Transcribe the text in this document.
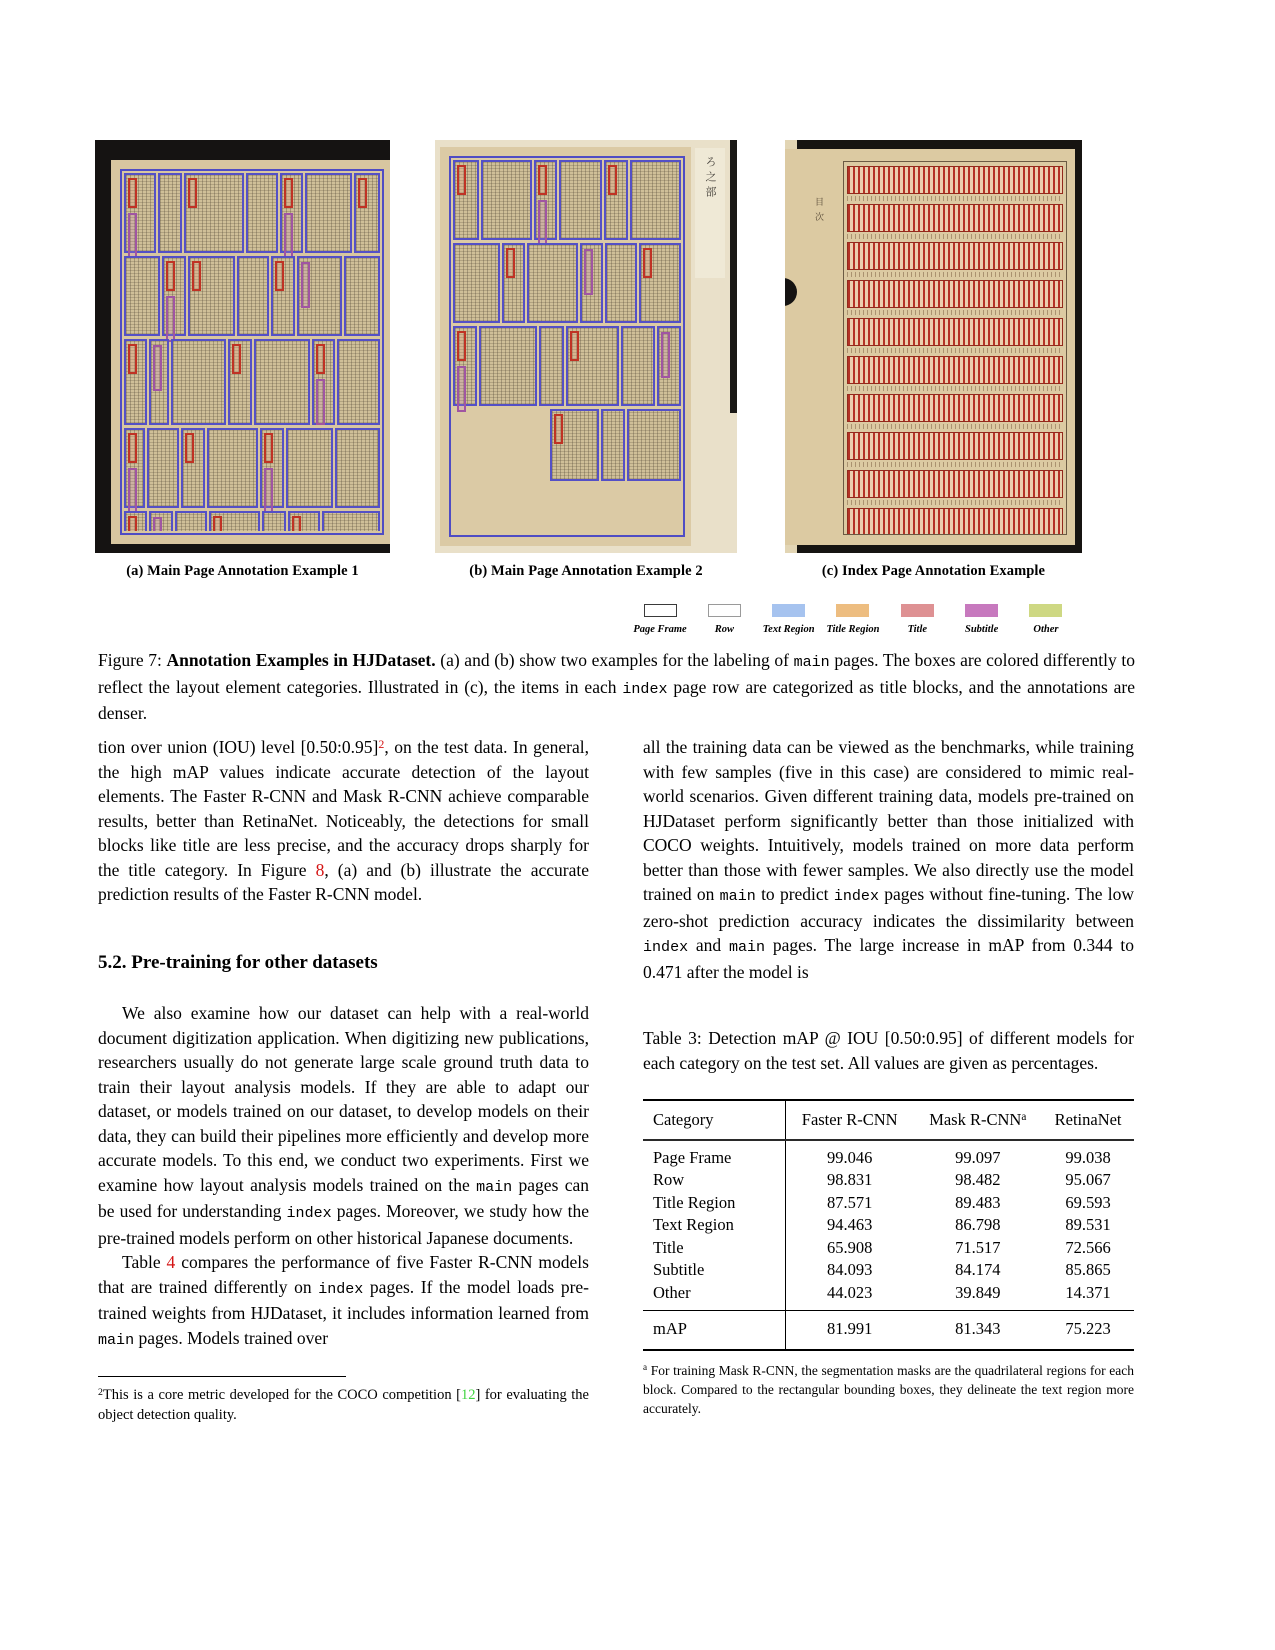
(a) Main Page Annotation Example 1
ろ之部
(b) Main Page Annotation Example 2
目次
(c) Index Page Annotation Example
Page Frame	Row	Text Region Title Region	Title	Subtitle	Other
Figure 7: Annotation Examples in HJDataset. (a) and (b) show two examples for the labeling of main pages. The boxes are colored differently to reflect the layout element categories. Illustrated in (c), the items in each index page row are categorized as title blocks, and the annotations are denser.

tion over union (IOU) level [0.50:0.95]$^2$, on the test data. In general, the high mAP values indicate accurate detection of the layout elements. The Faster R-CNN and Mask R-CNN achieve comparable results, better than RetinaNet. Noticeably, the detections for small blocks like title are less precise, and the accuracy drops sharply for the title category. In Figure 8, (a) and (b) illustrate the accurate prediction results of the Faster R-CNN model.

5.2. Pre-training for other datasets

We also examine how our dataset can help with a real-world document digitization application. When digitizing new publications, researchers usually do not generate large scale ground truth data to train their layout analysis models. If they are able to adapt our dataset, or models trained on our dataset, to develop models on their data, they can build their pipelines more efficiently and develop more accurate models. To this end, we conduct two experiments. First we examine how layout analysis models trained on the main pages can be used for understanding index pages. Moreover, we study how the pre-trained models perform on other historical Japanese documents.

Table 4 compares the performance of five Faster R-CNN models that are trained differently on index pages. If the model loads pre-trained weights from HJDataset, it includes information learned from main pages. Models trained over

$^2$This is a core metric developed for the COCO competition [12] for evaluating the object detection quality.

all the training data can be viewed as the benchmarks, while training with few samples (five in this case) are considered to mimic real-world scenarios. Given different training data, models pre-trained on HJDataset perform significantly better than those initialized with COCO weights. Intuitively, models trained on more data perform better than those with fewer samples. We also directly use the model trained on main to predict index pages without fine-tuning. The low zero-shot prediction accuracy indicates the dissimilarity between index and main pages. The large increase in mAP from 0.344 to 0.471 after the model is

Table 3: Detection mAP @ IOU [0.50:0.95] of different models for each category on the test set. All values are given as percentages.

Category	Faster R-CNN	Mask R-CNN$^a$	RetinaNet
Page Frame	99.046	99.097	99.038
Row	98.831	98.482	95.067
Title Region	87.571	89.483	69.593
Text Region	94.463	86.798	89.531
Title	65.908	71.517	72.566
Subtitle	84.093	84.174	85.865
Other	44.023	39.849	14.371
mAP	81.991	81.343	75.223
$^a$ For training Mask R-CNN, the segmentation masks are the quadrilateral regions for each block. Compared to the rectangular bounding boxes, they delineate the text region more accurately.
